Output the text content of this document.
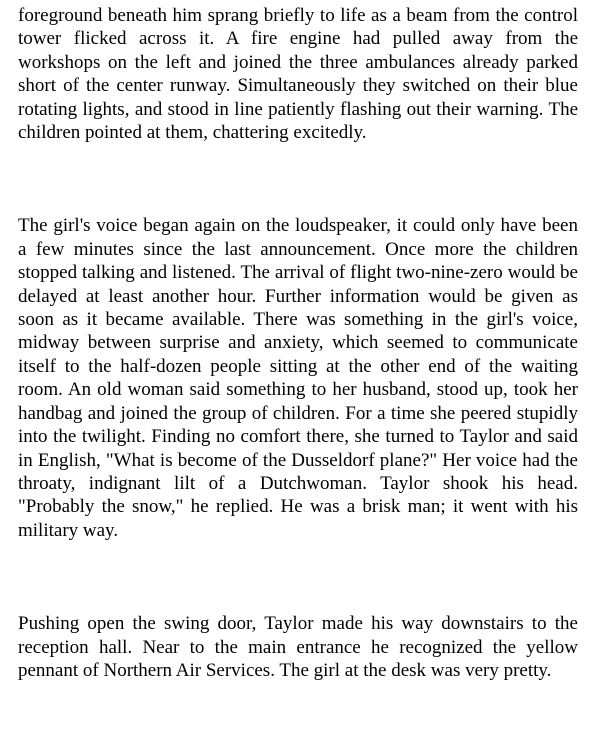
foreground beneath him sprang briefly to life as a beam from the control tower flicked across it. A fire engine had pulled away from the workshops on the left and joined the three ambulances already parked short of the center runway. Simultaneously they switched on their blue rotating lights, and stood in line patiently flashing out their warning. The children pointed at them, chattering excitedly.

The girl's voice began again on the loudspeaker, it could only have been a few minutes since the last announcement. Once more the children stopped talking and listened. The arrival of flight two-nine-zero would be delayed at least another hour. Further information would be given as soon as it became available. There was something in the girl's voice, midway between surprise and anxiety, which seemed to communicate itself to the half-dozen people sitting at the other end of the waiting room. An old woman said something to her husband, stood up, took her handbag and joined the group of children. For a time she peered stupidly into the twilight. Finding no comfort there, she turned to Taylor and said in English, "What is become of the Dusseldorf plane?" Her voice had the throaty, indignant lilt of a Dutchwoman. Taylor shook his head. "Probably the snow," he replied. He was a brisk man; it went with his military way.

Pushing open the swing door, Taylor made his way downstairs to the reception hall. Near to the main entrance he recognized the yellow pennant of Northern Air Services. The girl at the desk was very pretty.
